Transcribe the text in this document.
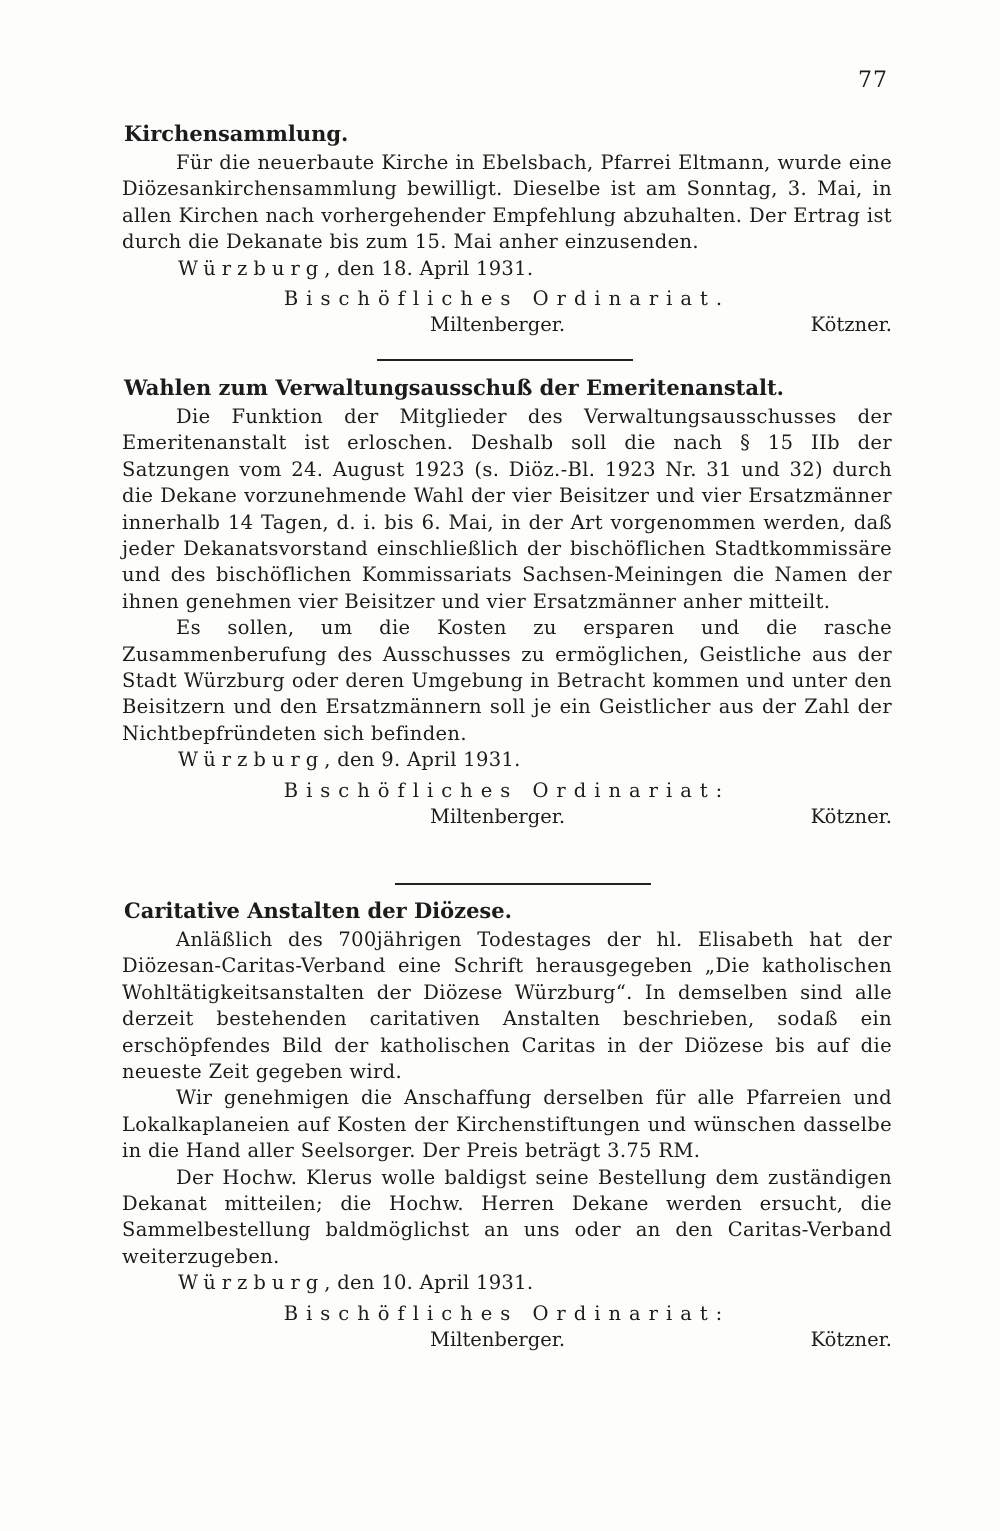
77
Kirchensammlung.

Für die neuerbaute Kirche in Ebelsbach, Pfarrei Eltmann, wurde eine Diözesankirchensammlung bewilligt. Dieselbe ist am Sonntag, 3. Mai, in allen Kirchen nach vorhergehender Empfehlung abzuhalten. Der Ertrag ist durch die Dekanate bis zum 15. Mai anher einzusenden.

Würzburg, den 18. April 1931.
Bischöfliches Ordinariat.
Miltenberger.	Kötzner.
Wahlen zum Verwaltungsausschuß der Emeritenanstalt.

Die Funktion der Mitglieder des Verwaltungsausschusses der Emeritenanstalt ist erloschen. Deshalb soll die nach § 15 IIb der Satzungen vom 24. August 1923 (s. Diöz.-Bl. 1923 Nr. 31 und 32) durch die Dekane vorzunehmende Wahl der vier Beisitzer und vier Ersatzmänner innerhalb 14 Tagen, d. i. bis 6. Mai, in der Art vorgenommen werden, daß jeder Dekanatsvorstand einschließlich der bischöflichen Stadtkommissäre und des bischöflichen Kommissariats Sachsen-Meiningen die Namen der ihnen genehmen vier Beisitzer und vier Ersatzmänner anher mitteilt.

Es sollen, um die Kosten zu ersparen und die rasche Zusammenberufung des Ausschusses zu ermöglichen, Geistliche aus der Stadt Würzburg oder deren Umgebung in Betracht kommen und unter den Beisitzern und den Ersatzmännern soll je ein Geistlicher aus der Zahl der Nichtbepfründeten sich befinden.

Würzburg, den 9. April 1931.
Bischöfliches Ordinariat:
Miltenberger.	Kötzner.
Caritative Anstalten der Diözese.

Anläßlich des 700jährigen Todestages der hl. Elisabeth hat der Diözesan-Caritas-Verband eine Schrift herausgegeben „Die katholischen Wohltätigkeitsanstalten der Diözese Würzburg“. In demselben sind alle derzeit bestehenden caritativen Anstalten beschrieben, sodaß ein erschöpfendes Bild der katholischen Caritas in der Diözese bis auf die neueste Zeit gegeben wird.

Wir genehmigen die Anschaffung derselben für alle Pfarreien und Lokalkaplaneien auf Kosten der Kirchenstiftungen und wünschen dasselbe in die Hand aller Seelsorger. Der Preis beträgt 3.75 RM.

Der Hochw. Klerus wolle baldigst seine Bestellung dem zuständigen Dekanat mitteilen; die Hochw. Herren Dekane werden ersucht, die Sammelbestellung baldmöglichst an uns oder an den Caritas-Verband weiterzugeben.

Würzburg, den 10. April 1931.
Bischöfliches Ordinariat:
Miltenberger.	Kötzner.
